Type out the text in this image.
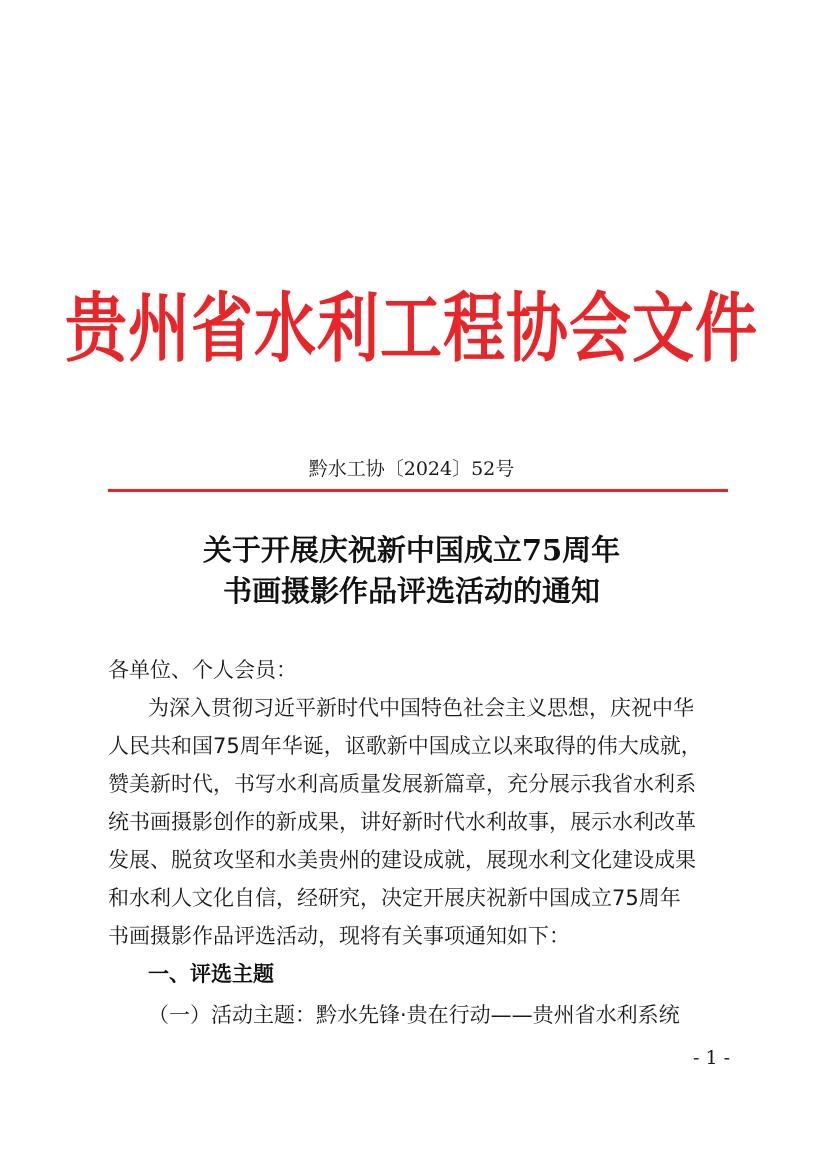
贵州省水利工程协会文件
黔水工协〔2024〕52号
关于开展庆祝新中国成立75周年
书画摄影作品评选活动的通知
各单位、个人会员：
为深入贯彻习近平新时代中国特色社会主义思想，庆祝中华
人民共和国75周年华诞，讴歌新中国成立以来取得的伟大成就，
赞美新时代，书写水利高质量发展新篇章，充分展示我省水利系
统书画摄影创作的新成果，讲好新时代水利故事，展示水利改革
发展、脱贫攻坚和水美贵州的建设成就，展现水利文化建设成果
和水利人文化自信，经研究，决定开展庆祝新中国成立75周年
书画摄影作品评选活动，现将有关事项通知如下：
一、评选主题
（一）活动主题：黔水先锋·贵在行动——贵州省水利系统
- 1 -
